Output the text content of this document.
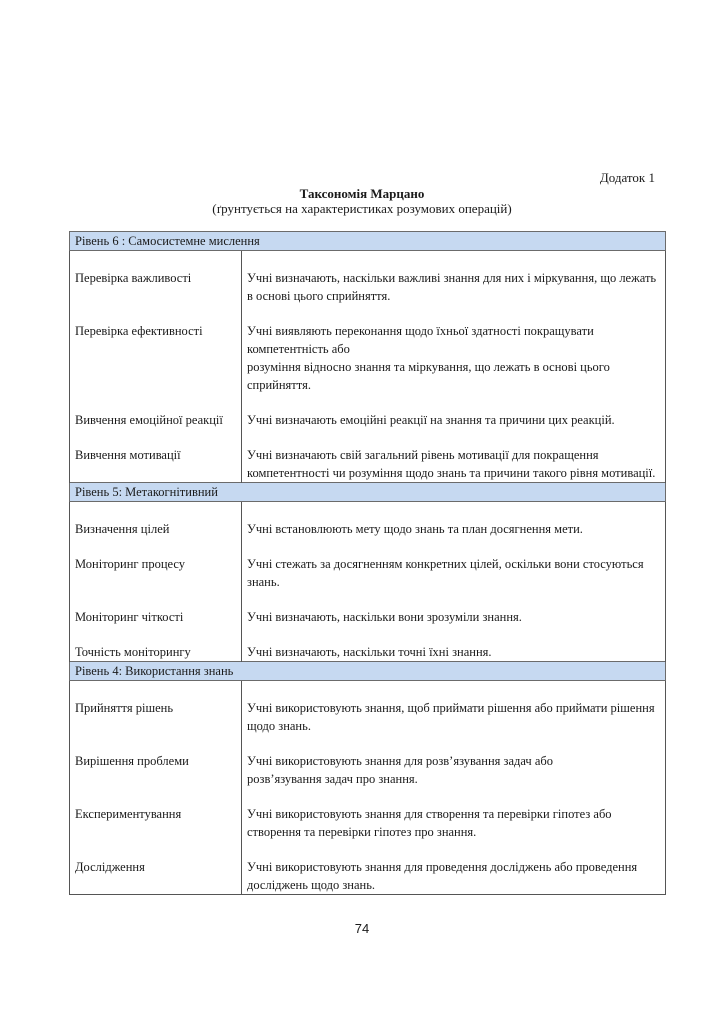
Додаток 1
Таксономія Марцано
(ґрунтується на характеристиках розумових операцій)
Рівень 6 : Самосистемне мислення	
Перевірка важливості	Учні визначають, наскільки важливі знання для них і міркування, що лежать в основі цього сприйняття.

Перевірка ефективності	Учні виявляють переконання щодо їхньої здатності покращувати компетентність або
розуміння відносно знання та міркування, що лежать в основі цього сприйняття.

Вивчення емоційної реакції	Учні визначають емоційні реакції на знання та причини цих реакцій.

Вивчення мотивації	Учні визначають свій загальний рівень мотивації для покращення компетентності чи розуміння щодо знань та причини такого рівня мотивації.

Рівень 5: Метакогнітивний	
Визначення цілей	Учні встановлюють мету щодо знань та план досягнення мети.

Моніторинг процесу	Учні стежать за досягненням конкретних цілей, оскільки вони стосуються знань.

Моніторинг чіткості	Учні визначають, наскільки вони зрозуміли знання.

Точність моніторингу	Учні визначають, наскільки точні їхні знання.

Рівень 4: Використання знань	
Прийняття рішень	Учні використовують знання, щоб приймати рішення або приймати рішення щодо знань.

Вирішення проблеми	Учні використовують знання для розв’язування задач або
розв’язування задач про знання.

Експериментування	Учні використовують знання для створення та перевірки гіпотез або створення та перевірки гіпотез про знання.

Дослідження	Учні використовують знання для проведення досліджень або проведення досліджень щодо знань.
74
